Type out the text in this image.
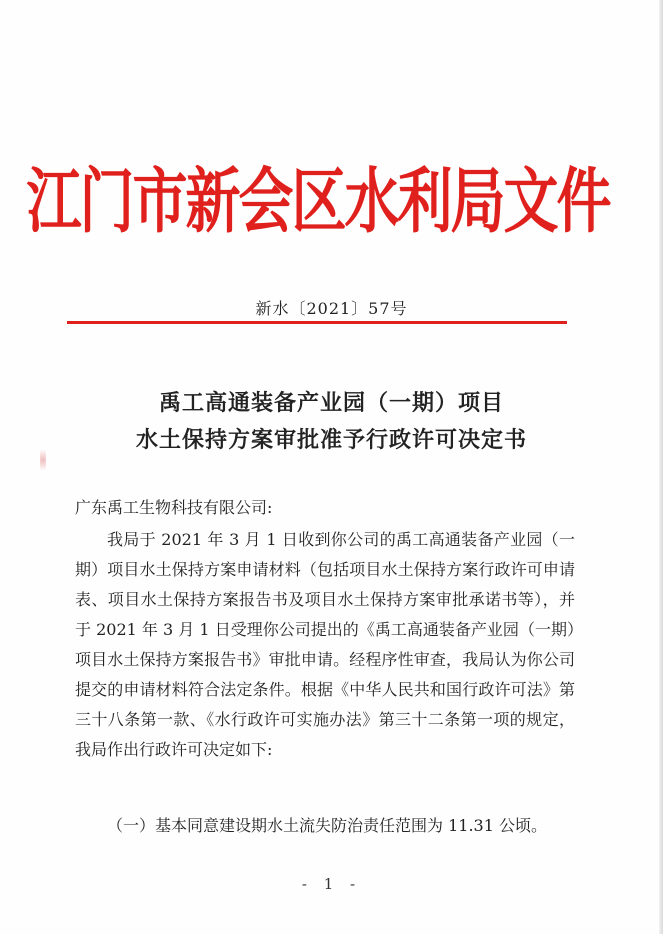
江门市新会区水利局文件
新水〔2021〕57号
禹工高通装备产业园（一期）项目
水土保持方案审批准予行政许可决定书
广东禹工生物科技有限公司:
我局于 2021 年 3 月 1 日收到你公司的禹工高通装备产业园（一期）项目水土保持方案申请材料（包括项目水土保持方案行政许可申请表、项目水土保持方案报告书及项目水土保持方案审批承诺书等），并于 2021 年 3 月 1 日受理你公司提出的《禹工高通装备产业园（一期）项目水土保持方案报告书》审批申请。经程序性审查，我局认为你公司提交的申请材料符合法定条件。根据《中华人民共和国行政许可法》第三十八条第一款、《水行政许可实施办法》第三十二条第一项的规定，我局作出行政许可决定如下:
（一）基本同意建设期水土流失防治责任范围为 11.31 公顷。
- 1 -
